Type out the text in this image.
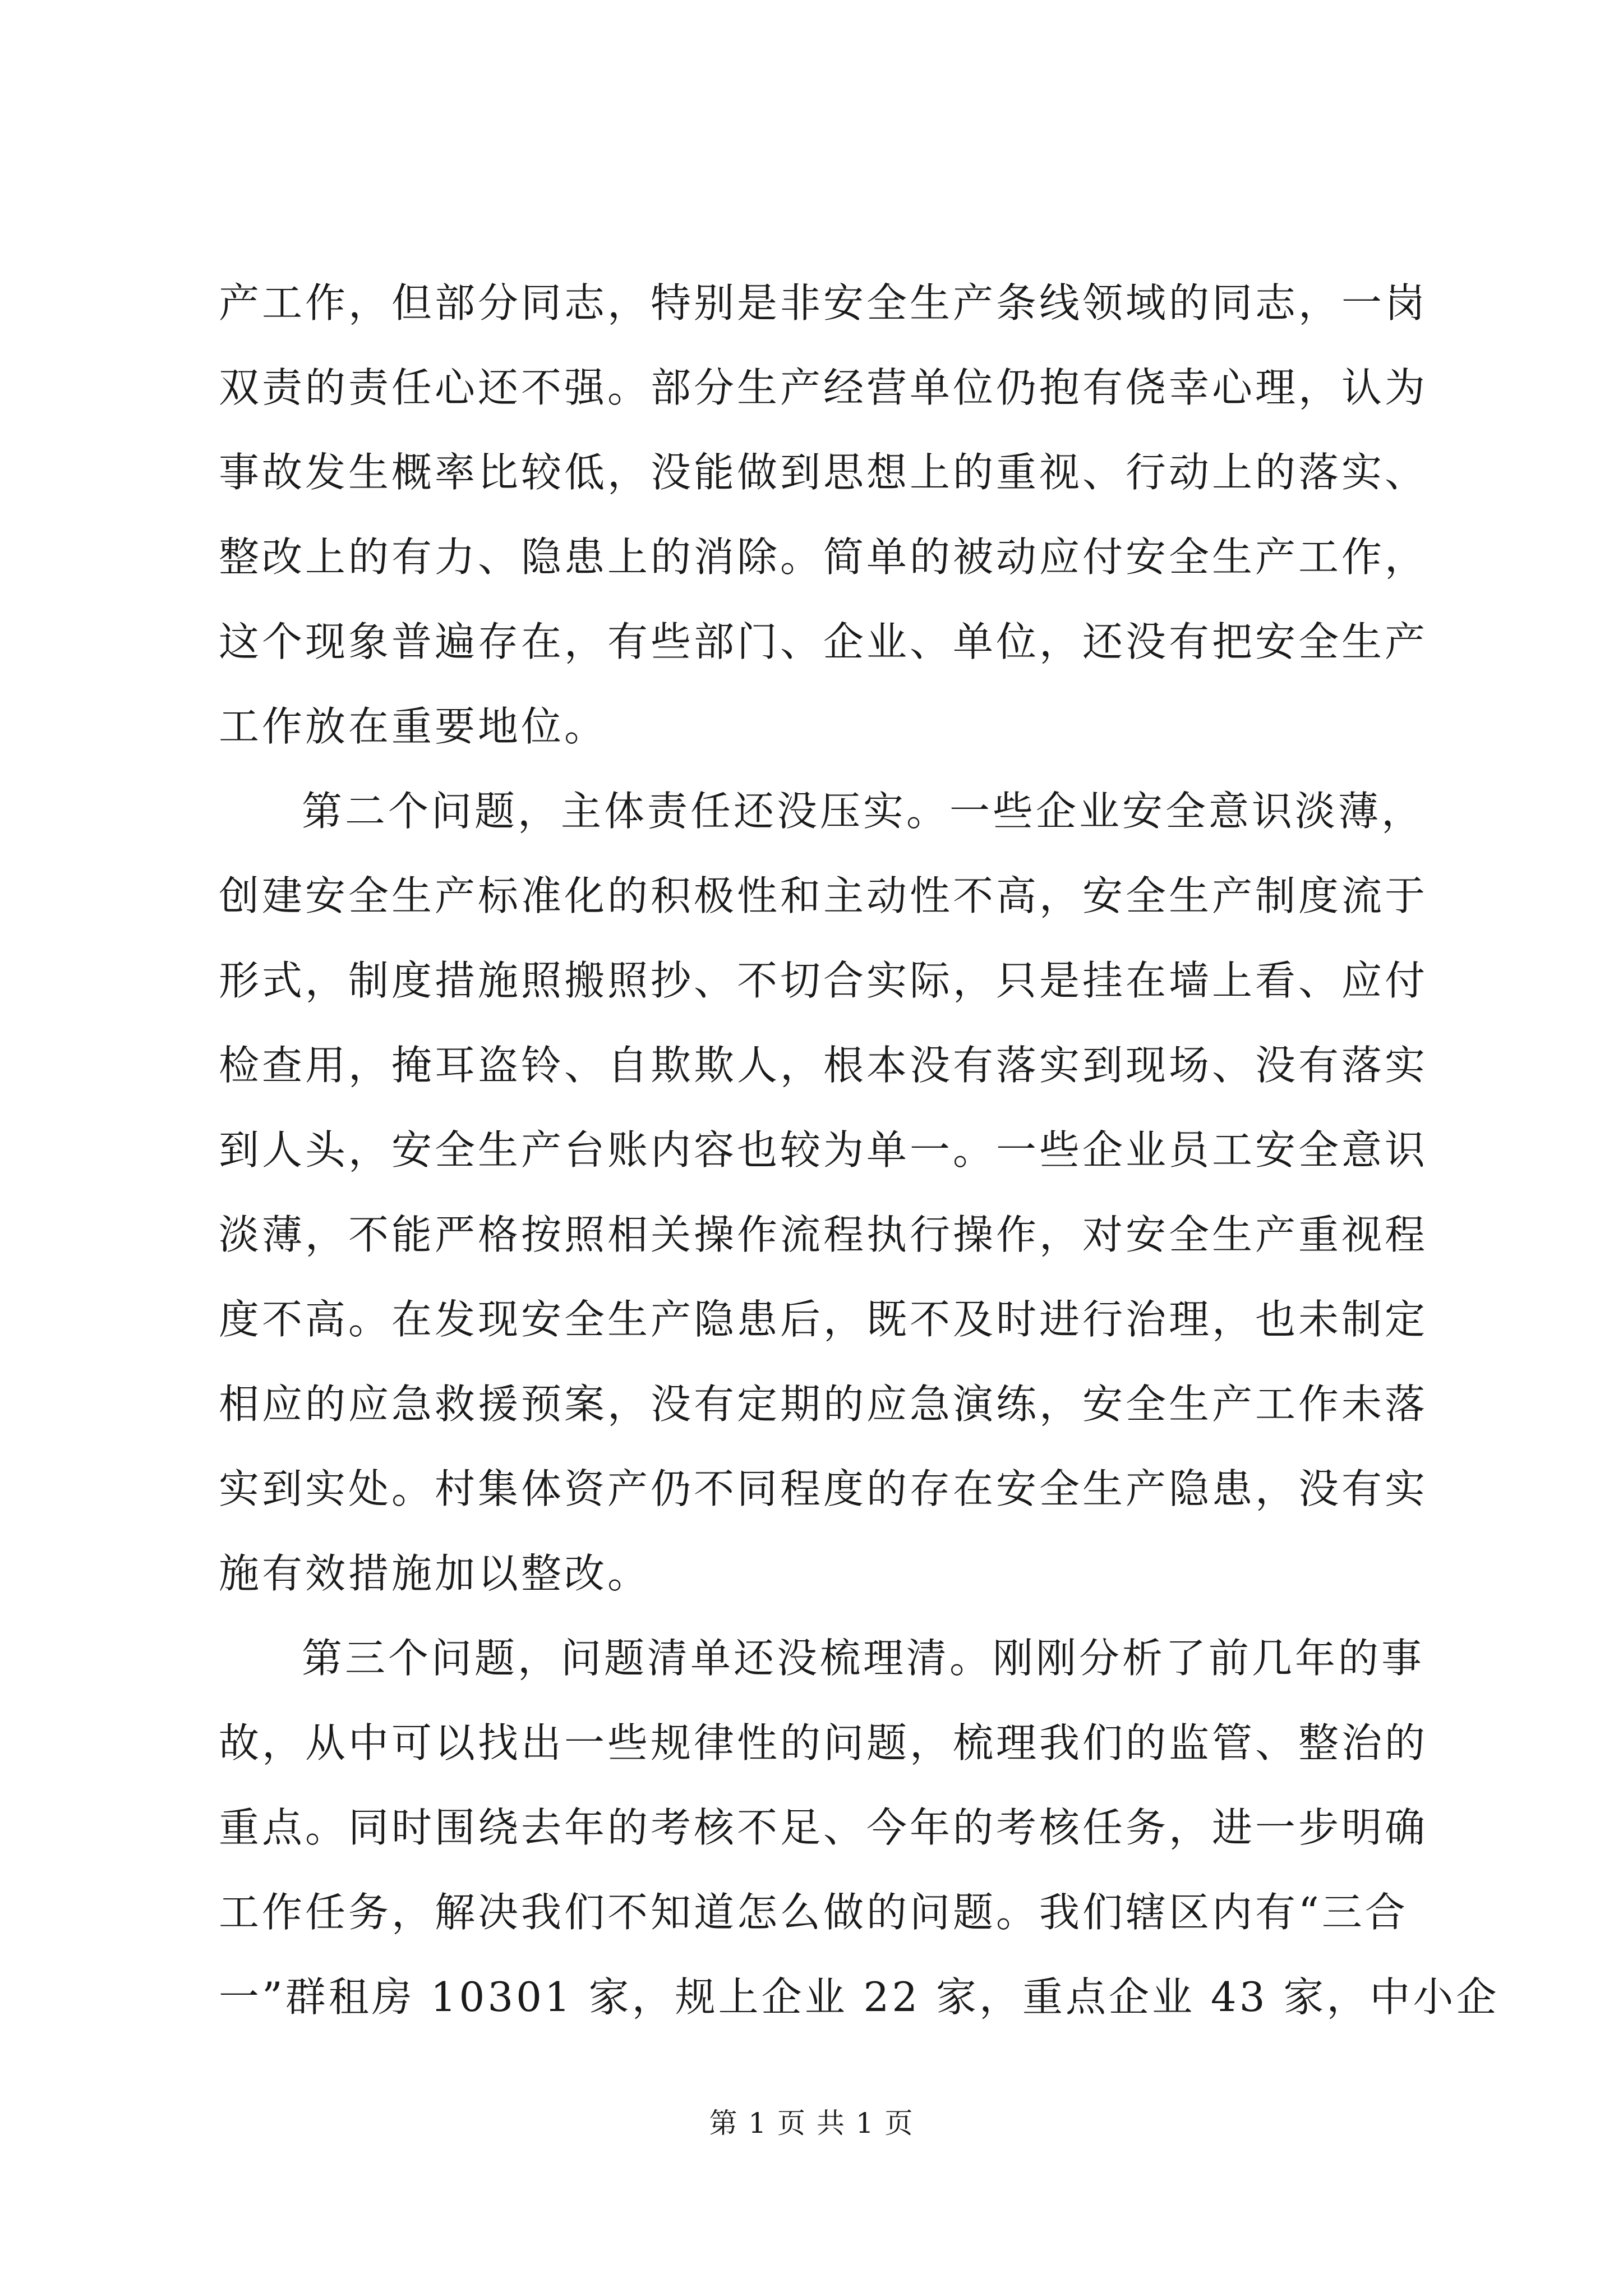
产工作，但部分同志，特别是非安全生产条线领域的同志，一岗
双责的责任心还不强。部分生产经营单位仍抱有侥幸心理，认为
事故发生概率比较低，没能做到思想上的重视、行动上的落实、
整改上的有力、隐患上的消除。简单的被动应付安全生产工作，
这个现象普遍存在，有些部门、企业、单位，还没有把安全生产
工作放在重要地位。
第二个问题，主体责任还没压实。一些企业安全意识淡薄，
创建安全生产标准化的积极性和主动性不高，安全生产制度流于
形式，制度措施照搬照抄、不切合实际，只是挂在墙上看、应付
检查用，掩耳盗铃、自欺欺人，根本没有落实到现场、没有落实
到人头，安全生产台账内容也较为单一。一些企业员工安全意识
淡薄，不能严格按照相关操作流程执行操作，对安全生产重视程
度不高。在发现安全生产隐患后，既不及时进行治理，也未制定
相应的应急救援预案，没有定期的应急演练，安全生产工作未落
实到实处。村集体资产仍不同程度的存在安全生产隐患，没有实
施有效措施加以整改。
第三个问题，问题清单还没梳理清。刚刚分析了前几年的事
故，从中可以找出一些规律性的问题，梳理我们的监管、整治的
重点。同时围绕去年的考核不足、今年的考核任务，进一步明确
工作任务，解决我们不知道怎么做的问题。我们辖区内有“三合
一”群租房 10301 家，规上企业 22 家，重点企业 43 家，中小企
第 1 页 共 1 页
